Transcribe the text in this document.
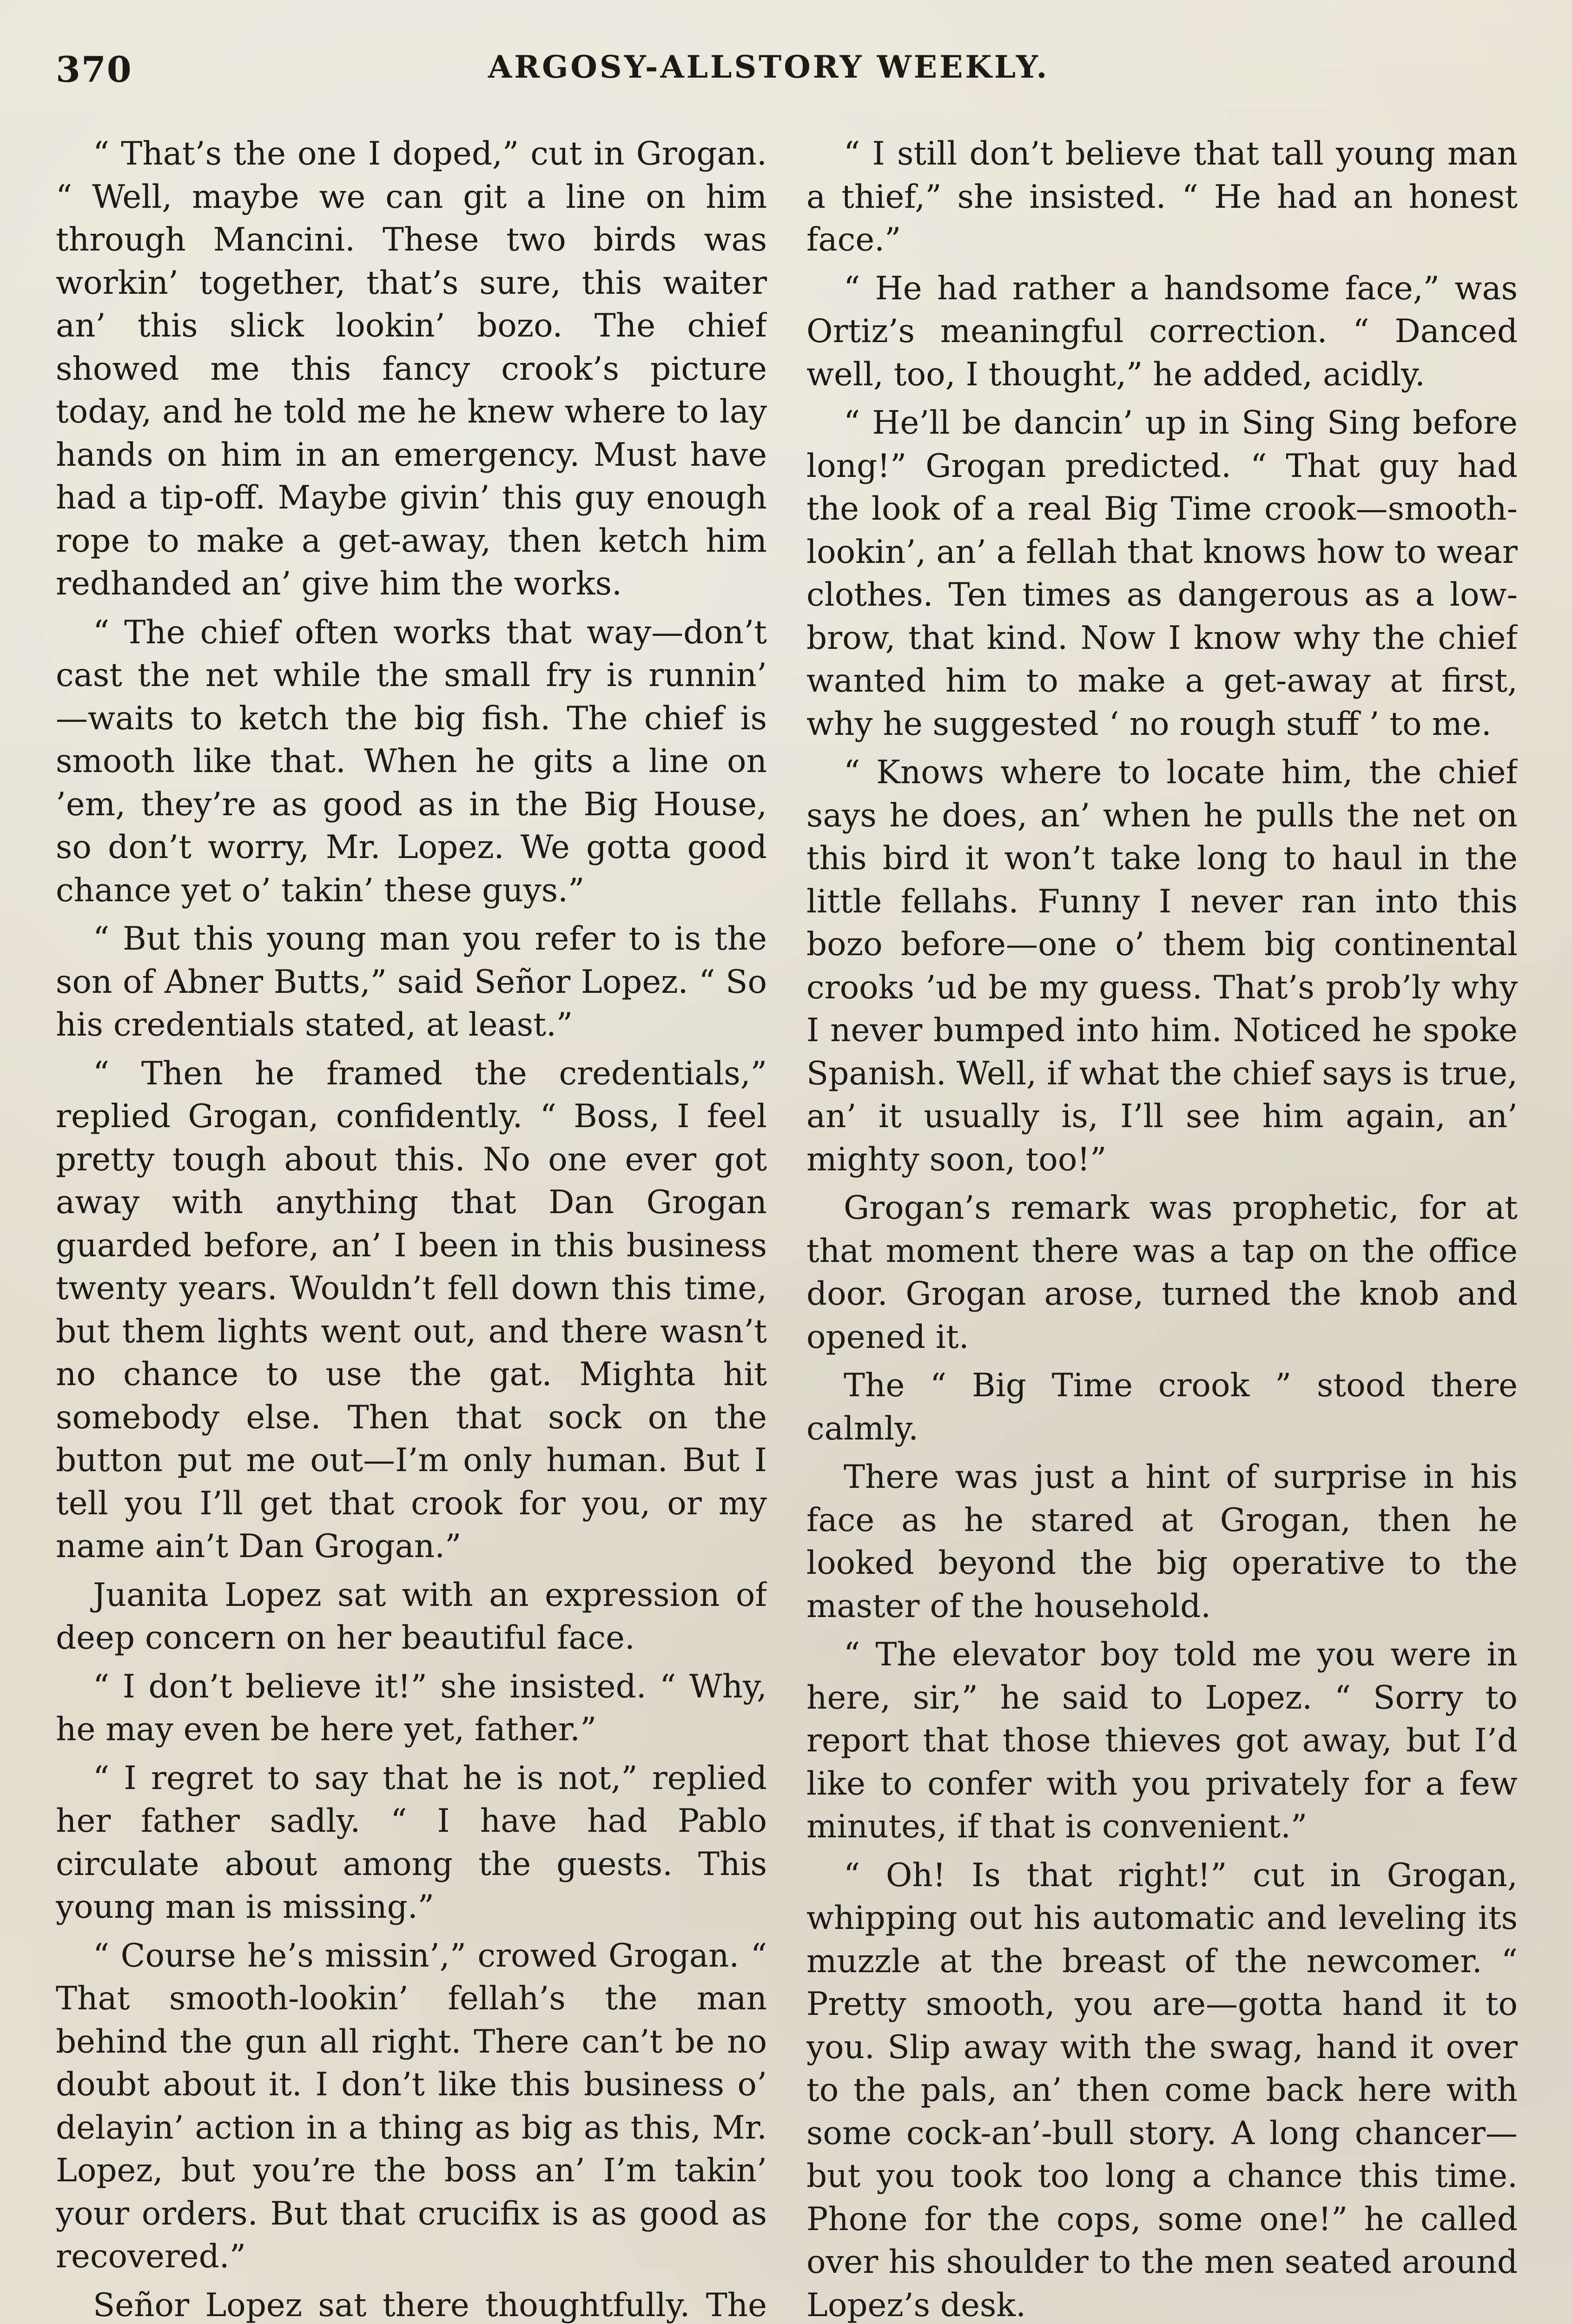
370	ARGOSY-ALLSTORY WEEKLY.

“ That’s the one I doped,” cut in Grogan. “ Well, maybe we can git a line on him through Mancini. These two birds was workin’ together, that’s sure, this waiter an’ this slick lookin’ bozo. The chief showed me this fancy crook’s picture today, and he told me he knew where to lay hands on him in an emergency. Must have had a tip-off. Maybe givin’ this guy enough rope to make a get-away, then ketch him redhanded an’ give him the works.

“ The chief often works that way—don’t cast the net while the small fry is runnin’ —waits to ketch the big fish. The chief is smooth like that. When he gits a line on ’em, they’re as good as in the Big House, so don’t worry, Mr. Lopez. We gotta good chance yet o’ takin’ these guys.”

“ But this young man you refer to is the son of Abner Butts,” said Señor Lopez. “ So his credentials stated, at least.”

“ Then he framed the credentials,” replied Grogan, confidently. “ Boss, I feel pretty tough about this. No one ever got away with anything that Dan Grogan guarded before, an’ I been in this business twenty years. Wouldn’t fell down this time, but them lights went out, and there wasn’t no chance to use the gat. Mighta hit somebody else. Then that sock on the button put me out—I’m only human. But I tell you I’ll get that crook for you, or my name ain’t Dan Grogan.”

Juanita Lopez sat with an expression of deep concern on her beautiful face.

“ I don’t believe it!” she insisted. “ Why, he may even be here yet, father.”

“ I regret to say that he is not,” replied her father sadly. “ I have had Pablo circulate about among the guests. This young man is missing.”

“ Course he’s missin’,” crowed Grogan. “ That smooth-lookin’ fellah’s the man behind the gun all right. There can’t be no doubt about it. I don’t like this business o’ delayin’ action in a thing as big as this, Mr. Lopez, but you’re the boss an’ I’m takin’ your orders. But that crucifix is as good as recovered.”

Señor Lopez sat there thoughtfully. The

“ I still don’t believe that tall young man a thief,” she insisted. “ He had an honest face.”

“ He had rather a handsome face,” was Ortiz’s meaningful correction. “ Danced well, too, I thought,” he added, acidly.

“ He’ll be dancin’ up in Sing Sing before long!” Grogan predicted. “ That guy had the look of a real Big Time crook—smooth-lookin’, an’ a fellah that knows how to wear clothes. Ten times as dangerous as a low-brow, that kind. Now I know why the chief wanted him to make a get-away at first, why he suggested ‘ no rough stuff ’ to me.

“ Knows where to locate him, the chief says he does, an’ when he pulls the net on this bird it won’t take long to haul in the little fellahs. Funny I never ran into this bozo before—one o’ them big continental crooks ’ud be my guess. That’s prob’ly why I never bumped into him. Noticed he spoke Spanish. Well, if what the chief says is true, an’ it usually is, I’ll see him again, an’ mighty soon, too!”

Grogan’s remark was prophetic, for at that moment there was a tap on the office door. Grogan arose, turned the knob and opened it.

The “ Big Time crook ” stood there calmly.

There was just a hint of surprise in his face as he stared at Grogan, then he looked beyond the big operative to the master of the household.

“ The elevator boy told me you were in here, sir,” he said to Lopez. “ Sorry to report that those thieves got away, but I’d like to confer with you privately for a few minutes, if that is convenient.”

“ Oh! Is that right!” cut in Grogan, whipping out his automatic and leveling its muzzle at the breast of the newcomer. “ Pretty smooth, you are—gotta hand it to you. Slip away with the swag, hand it over to the pals, an’ then come back here with some cock-an’-bull story. A long chancer—but you took too long a chance this time. Phone for the cops, some one!” he called over his shoulder to the men seated around Lopez’s desk.
